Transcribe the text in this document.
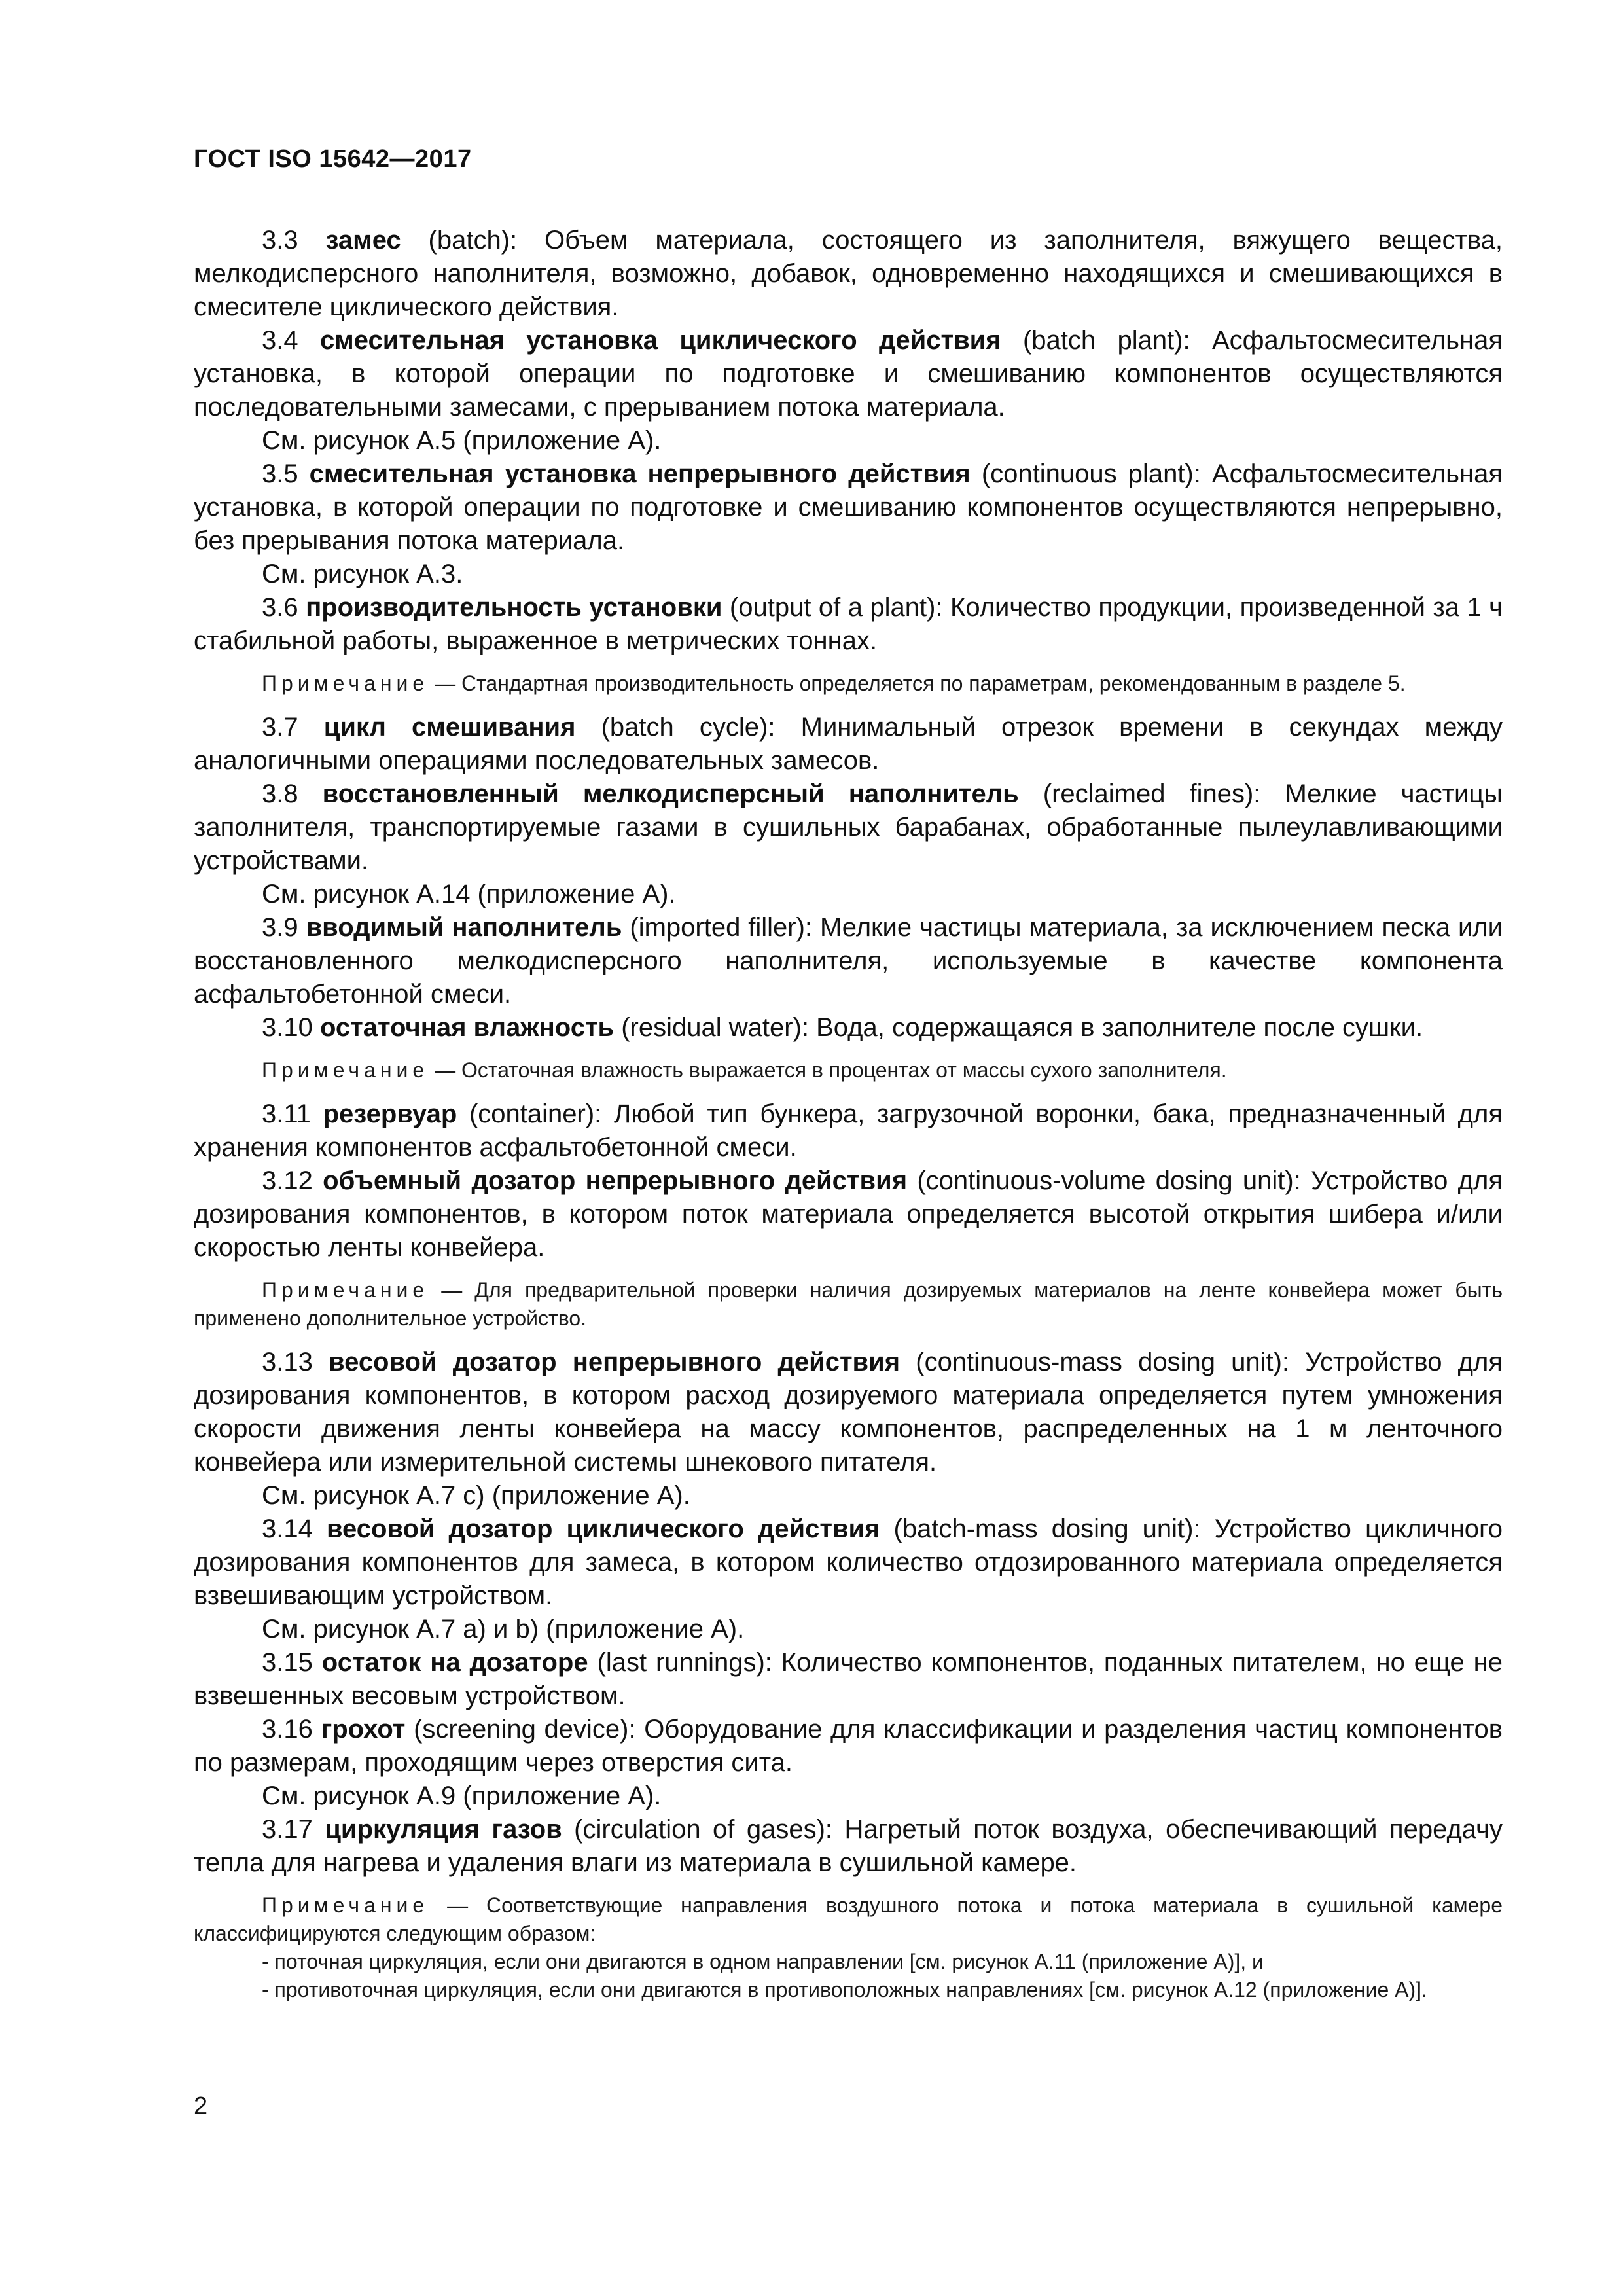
ГОСТ ISO 15642—2017

3.3 замес (batch): Объем материала, состоящего из заполнителя, вяжущего вещества, мелкодисперсного наполнителя, возможно, добавок, одновременно находящихся и смешивающихся в смесителе циклического действия.

3.4 смесительная установка циклического действия (batch plant): Асфальтосмесительная установка, в которой операции по подготовке и смешиванию компонентов осуществляются последовательными замесами, с прерыванием потока материала.

См. рисунок А.5 (приложение А).

3.5 смесительная установка непрерывного действия (continuous plant): Асфальтосмесительная установка, в которой операции по подготовке и смешиванию компонентов осуществляются непрерывно, без прерывания потока материала.

См. рисунок А.3.

3.6 производительность установки (output of a plant): Количество продукции, произведенной за 1 ч стабильной работы, выраженное в метрических тоннах.

Примечание — Стандартная производительность определяется по параметрам, рекомендованным в разделе 5.

3.7 цикл смешивания (batch cycle): Минимальный отрезок времени в секундах между аналогичными операциями последовательных замесов.

3.8 восстановленный мелкодисперсный наполнитель (reclaimed fines): Мелкие частицы заполнителя, транспортируемые газами в сушильных барабанах, обработанные пылеулавливающими устройствами.

См. рисунок А.14 (приложение А).

3.9 вводимый наполнитель (imported filler): Мелкие частицы материала, за исключением песка или восстановленного мелкодисперсного наполнителя, используемые в качестве компонента асфальтобетонной смеси.

3.10 остаточная влажность (residual water): Вода, содержащаяся в заполнителе после сушки.

Примечание — Остаточная влажность выражается в процентах от массы сухого заполнителя.

3.11 резервуар (container): Любой тип бункера, загрузочной воронки, бака, предназначенный для хранения компонентов асфальтобетонной смеси.

3.12 объемный дозатор непрерывного действия (continuous-volume dosing unit): Устройство для дозирования компонентов, в котором поток материала определяется высотой открытия шибера и/или скоростью ленты конвейера.

Примечание — Для предварительной проверки наличия дозируемых материалов на ленте конвейера может быть применено дополнительное устройство.

3.13 весовой дозатор непрерывного действия (continuous-mass dosing unit): Устройство для дозирования компонентов, в котором расход дозируемого материала определяется путем умножения скорости движения ленты конвейера на массу компонентов, распределенных на 1 м ленточного конвейера или измерительной системы шнекового питателя.

См. рисунок А.7 с) (приложение А).

3.14 весовой дозатор циклического действия (batch-mass dosing unit): Устройство цикличного дозирования компонентов для замеса, в котором количество отдозированного материала определяется взвешивающим устройством.

См. рисунок А.7 а) и b) (приложение А).

3.15 остаток на дозаторе (last runnings): Количество компонентов, поданных питателем, но еще не взвешенных весовым устройством.

3.16 грохот (screening device): Оборудование для классификации и разделения частиц компонентов по размерам, проходящим через отверстия сита.

См. рисунок А.9 (приложение А).

3.17 циркуляция газов (circulation of gases): Нагретый поток воздуха, обеспечивающий передачу тепла для нагрева и удаления влаги из материала в сушильной камере.

Примечание — Соответствующие направления воздушного потока и потока материала в сушильной камере классифицируются следующим образом:

- поточная циркуляция, если они двигаются в одном направлении [см. рисунок А.11 (приложение А)], и

- противоточная циркуляция, если они двигаются в противоположных направлениях [см. рисунок А.12 (приложение А)].

2
